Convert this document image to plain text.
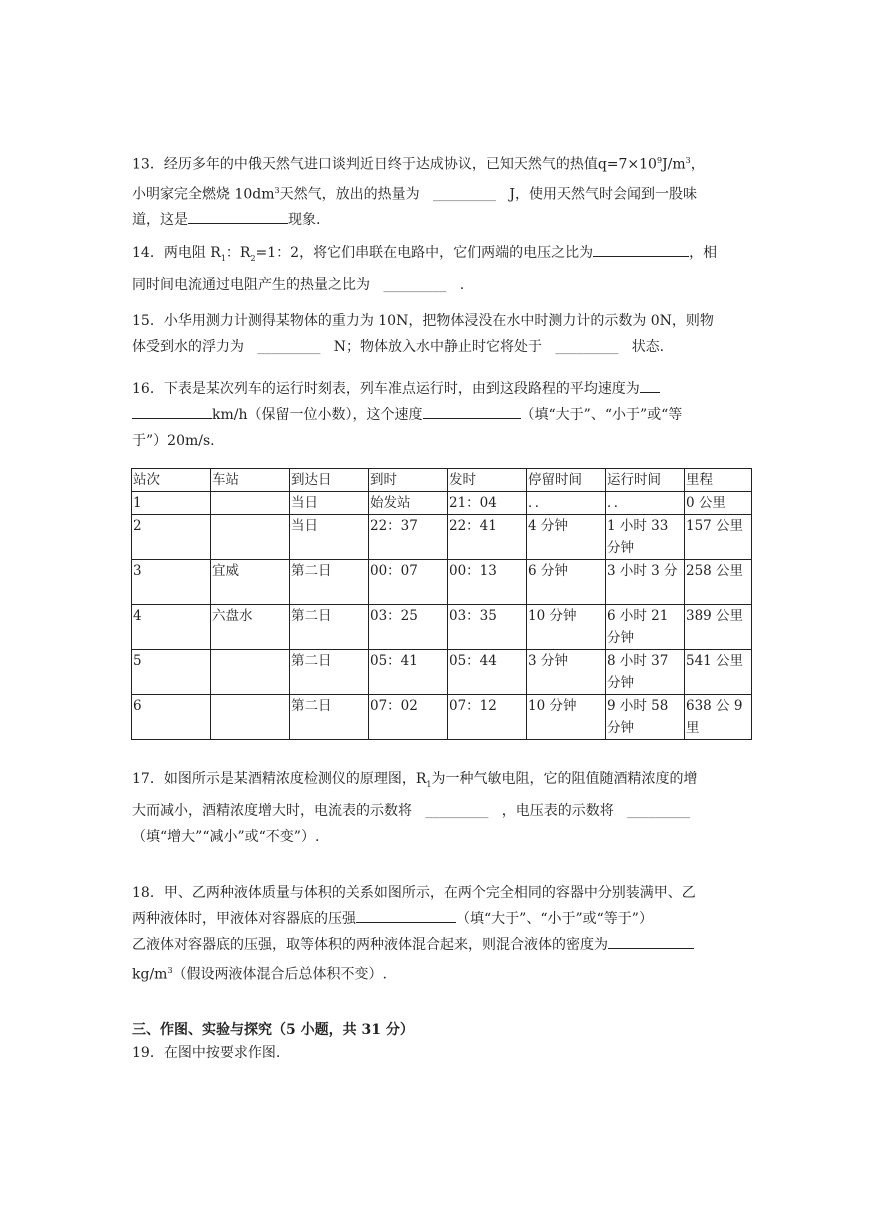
13．经历多年的中俄天然气进口谈判近日终于达成协议，已知天然气的热值$q=7\times 10^9J/m^3$，
小明家完全燃烧 $10dm^3$天然气，放出的热量为 _________ J，使用天然气时会闻到一股味
道，这是	现象.
14．两电阻 $R_1$：$R_2=1$：2，将它们串联在电路中，它们两端的电压之比为	，相
同时间电流通过电阻产生的热量之比为 _________ .
15．小华用测力计测得某物体的重力为 10N，把物体浸没在水中时测力计的示数为 0N，则物
体受到水的浮力为 _________ N；物体放入水中静止时它将处于 _________ 状态.
16．下表是某次列车的运行时刻表，列车准点运行时，由到这段路程的平均速度为
km/h（保留一位小数），这个速度	（填“大于”、“小于”或“等
于”）20m/s.
站次	车站	到达日	到时	发时	停留时间	运行时间	里程
1		当日	始发站	21：04	．．	．．	0 公里
2		当日	22：37	22：41	4 分钟	1 小时 33 分钟	157 公里
3	宜威	第二日	00：07	00：13	6 分钟	3 小时 3 分	258 公里
4	六盘水	第二日	03：25	03：35	10 分钟	6 小时 21 分钟	389 公里
5		第二日	05：41	05：44	3 分钟	8 小时 37 分钟	541 公里
6		第二日	07：02	07：12	10 分钟	9 小时 58 分钟	638 公 9 里
17．如图所示是某酒精浓度检测仪的原理图，$R_1$为一种气敏电阻，它的阻值随酒精浓度的增
大而减小，酒精浓度增大时，电流表的示数将 _________ ，电压表的示数将 _________
（填“增大”“减小”或“不变”）.
18．甲、乙两种液体质量与体积的关系如图所示，在两个完全相同的容器中分别装满甲、乙
两种液体时，甲液体对容器底的压强	（填“大于”、“小于”或“等于”）
乙液体对容器底的压强，取等体积的两种液体混合起来，则混合液体的密度为
$kg/m^3$（假设两液体混合后总体积不变）.
三、作图、实验与探究（5 小题，共 31 分）
19．在图中按要求作图.
